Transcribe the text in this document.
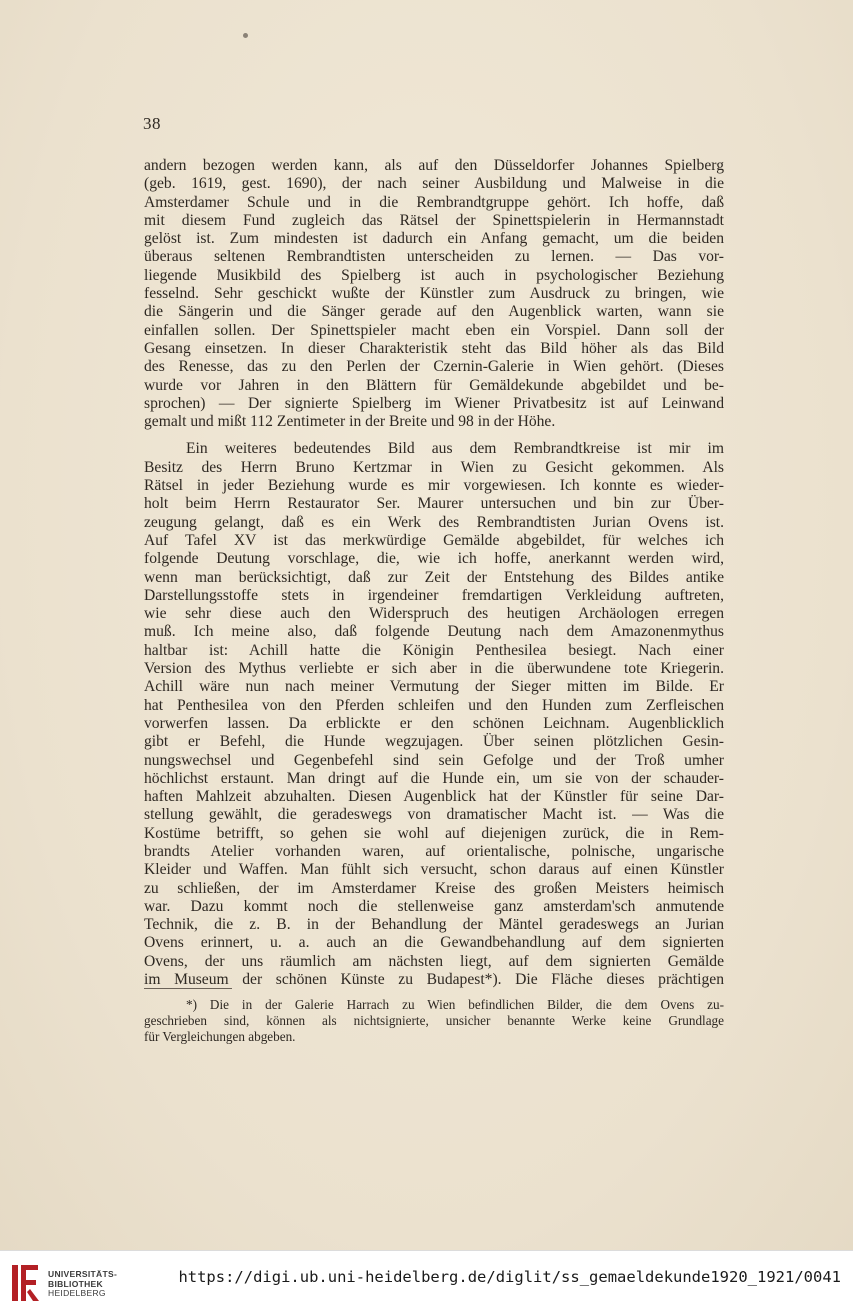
38
andern bezogen werden kann, als auf den Düsseldorfer Johannes Spielberg
(geb. 1619, gest. 1690), der nach seiner Ausbildung und Malweise in die
Amsterdamer Schule und in die Rembrandtgruppe gehört. Ich hoffe, daß
mit diesem Fund zugleich das Rätsel der Spinettspielerin in Hermannstadt
gelöst ist. Zum mindesten ist dadurch ein Anfang gemacht, um die beiden
überaus seltenen Rembrandtisten unterscheiden zu lernen. — Das vor-
liegende Musikbild des Spielberg ist auch in psychologischer Beziehung
fesselnd. Sehr geschickt wußte der Künstler zum Ausdruck zu bringen, wie
die Sängerin und die Sänger gerade auf den Augenblick warten, wann sie
einfallen sollen. Der Spinettspieler macht eben ein Vorspiel. Dann soll der
Gesang einsetzen. In dieser Charakteristik steht das Bild höher als das Bild
des Renesse, das zu den Perlen der Czernin-Galerie in Wien gehört. (Dieses
wurde vor Jahren in den Blättern für Gemäldekunde abgebildet und be-
sprochen) — Der signierte Spielberg im Wiener Privatbesitz ist auf Leinwand
gemalt und mißt 112 Zentimeter in der Breite und 98 in der Höhe.
Ein weiteres bedeutendes Bild aus dem Rembrandtkreise ist mir im
Besitz des Herrn Bruno Kertzmar in Wien zu Gesicht gekommen. Als
Rätsel in jeder Beziehung wurde es mir vorgewiesen. Ich konnte es wieder-
holt beim Herrn Restaurator Ser. Maurer untersuchen und bin zur Über-
zeugung gelangt, daß es ein Werk des Rembrandtisten Jurian Ovens ist.
Auf Tafel XV ist das merkwürdige Gemälde abgebildet, für welches ich
folgende Deutung vorschlage, die, wie ich hoffe, anerkannt werden wird,
wenn man berücksichtigt, daß zur Zeit der Entstehung des Bildes antike
Darstellungsstoffe stets in irgendeiner fremdartigen Verkleidung auftreten,
wie sehr diese auch den Widerspruch des heutigen Archäologen erregen
muß. Ich meine also, daß folgende Deutung nach dem Amazonenmythus
haltbar ist: Achill hatte die Königin Penthesilea besiegt. Nach einer
Version des Mythus verliebte er sich aber in die überwundene tote Kriegerin.
Achill wäre nun nach meiner Vermutung der Sieger mitten im Bilde. Er
hat Penthesilea von den Pferden schleifen und den Hunden zum Zerfleischen
vorwerfen lassen. Da erblickte er den schönen Leichnam. Augenblicklich
gibt er Befehl, die Hunde wegzujagen. Über seinen plötzlichen Gesin-
nungswechsel und Gegenbefehl sind sein Gefolge und der Troß umher
höchlichst erstaunt. Man dringt auf die Hunde ein, um sie von der schauder-
haften Mahlzeit abzuhalten. Diesen Augenblick hat der Künstler für seine Dar-
stellung gewählt, die geradeswegs von dramatischer Macht ist. — Was die
Kostüme betrifft, so gehen sie wohl auf diejenigen zurück, die in Rem-
brandts Atelier vorhanden waren, auf orientalische, polnische, ungarische
Kleider und Waffen. Man fühlt sich versucht, schon daraus auf einen Künstler
zu schließen, der im Amsterdamer Kreise des großen Meisters heimisch
war. Dazu kommt noch die stellenweise ganz amsterdam'sch anmutende
Technik, die z. B. in der Behandlung der Mäntel geradeswegs an Jurian
Ovens erinnert, u. a. auch an die Gewandbehandlung auf dem signierten
Ovens, der uns räumlich am nächsten liegt, auf dem signierten Gemälde
im Museum der schönen Künste zu Budapest*). Die Fläche dieses prächtigen
*) Die in der Galerie Harrach zu Wien befindlichen Bilder, die dem Ovens zu-
geschrieben sind, können als nichtsignierte, unsicher benannte Werke keine Grundlage
für Vergleichungen abgeben.
UNIVERSITÄTS-
BIBLIOTHEK
HEIDELBERG
https://digi.ub.uni-heidelberg.de/diglit/ss_gemaeldekunde1920_1921/0041
